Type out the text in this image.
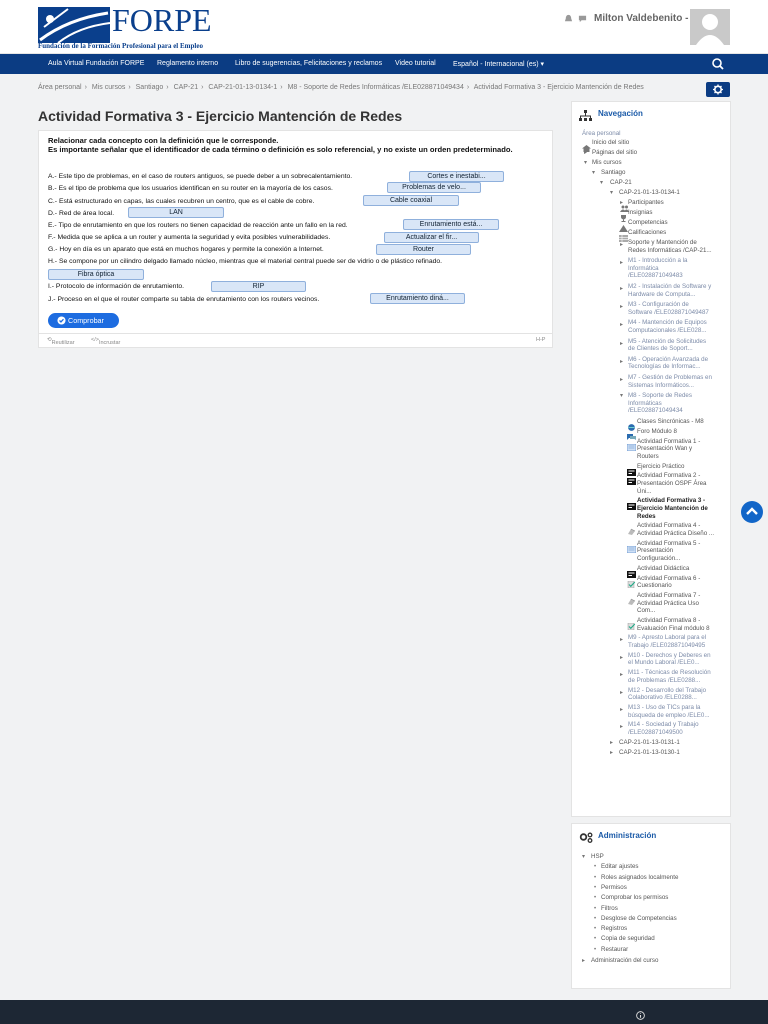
FORPE
Fundación de la Formación Profesional para el Empleo
Milton Valdebenito -
Aula Virtual Fundación FORPE Reglamento interno Libro de sugerencias, Felicitaciones y reclamos Video tutorial Español - Internacional (es) ▾
Área personal › Mis cursos › Santiago › CAP-21 › CAP-21-01-13-0134-1 › M8 - Soporte de Redes Informáticas /ELE028871049434 › Actividad Formativa 3 - Ejercicio Mantención de Redes
Actividad Formativa 3 - Ejercicio Mantención de Redes
Relacionar cada concepto con la definición que le corresponde.
Es importante señalar que el identificador de cada término o definición es solo referencial, y no existe un orden predeterminado.
A.- Este tipo de problemas, en el caso de routers antiguos, se puede deber a un sobrecalentamiento.	Cortes e inestabi...
B.- Es el tipo de problema que los usuarios identifican en su router en la mayoría de los casos.	Problemas de velo...
C.- Está estructurado en capas, las cuales recubren un centro, que es el cable de cobre.	Cable coaxial
D.- Red de área local.	LAN
E.- Tipo de enrutamiento en que los routers no tienen capacidad de reacción ante un fallo en la red.	Enrutamiento está...
F.- Medida que se aplica a un router y aumenta la seguridad y evita posibles vulnerabilidades.	Actualizar el fir...
G.- Hoy en día es un aparato que está en muchos hogares y permite la conexión a Internet.	Router
H.- Se compone por un cilindro delgado llamado núcleo, mientras que el material central puede ser de vidrio o de plástico refinado.
Fibra óptica
I.- Protocolo de información de enrutamiento.	RIP
J.- Proceso en el que el router comparte su tabla de enrutamiento con los routers vecinos.	Enrutamiento diná...
Comprobar
⟲ Reutilizar	</> Incrustar	H-P
Navegación
Área personal
Inicio del sitio
▸ Páginas del sitio
▾ Mis cursos
▾ Santiago
▾ CAP-21
▾ CAP-21-01-13-0134-1
▸ Participantes
Insignias
Competencias
Calificaciones
▸ Soporte y Mantención de
Redes Informáticas /CAP-21...
▸ M1 - Introducción a la
Informática
/ELE028871049483
▸ M2 - Instalación de Software y
Hardware de Computa...
▸ M3 - Configuración de
Software /ELE028871049487
▸ M4 - Mantención de Equipos
Computacionales /ELE028...
▸ M5 - Atención de Solicitudes
de Clientes de Soport...
▸ M6 - Operación Avanzada de
Tecnologías de Informac...
▸ M7 - Gestión de Problemas en
Sistemas Informáticos...
▾ M8 - Soporte de Redes
Informáticas
/ELE028871049434
Clases Sincrónicas - M8
Foro Módulo 8
Actividad Formativa 1 -
Presentación Wan y
Routers
Ejercicio Práctico
Actividad Formativa 2 -
Presentación OSPF Área
Úni...
Actividad Formativa 3 -
Ejercicio Mantención de
Redes
Actividad Formativa 4 -
Actividad Práctica Diseño ...
Actividad Formativa 5 -
Presentación
Configuración...
Actividad Didáctica
Actividad Formativa 6 -
Cuestionario
Actividad Formativa 7 -
Actividad Práctica Uso
Com...
Actividad Formativa 8 -
Evaluación Final módulo 8
▸ M9 - Apresto Laboral para el
Trabajo /ELE028871049495
▸ M10 - Derechos y Deberes en
el Mundo Laboral /ELE0...
▸ M11 - Técnicas de Resolución
de Problemas /ELE0288...
▸ M12 - Desarrollo del Trabajo
Colaborativo /ELE0288...
▸ M13 - Uso de TICs para la
búsqueda de empleo /ELE0...
▸ M14 - Sociedad y Trabajo
/ELE028871049500
▸ CAP-21-01-13-0131-1
▸ CAP-21-01-13-0130-1
Administración
▾ HSP
• Editar ajustes
• Roles asignados localmente
• Permisos
• Comprobar los permisos
• Filtros
• Desglose de Competencias
• Registros
• Copia de seguridad
• Restaurar
▸ Administración del curso
